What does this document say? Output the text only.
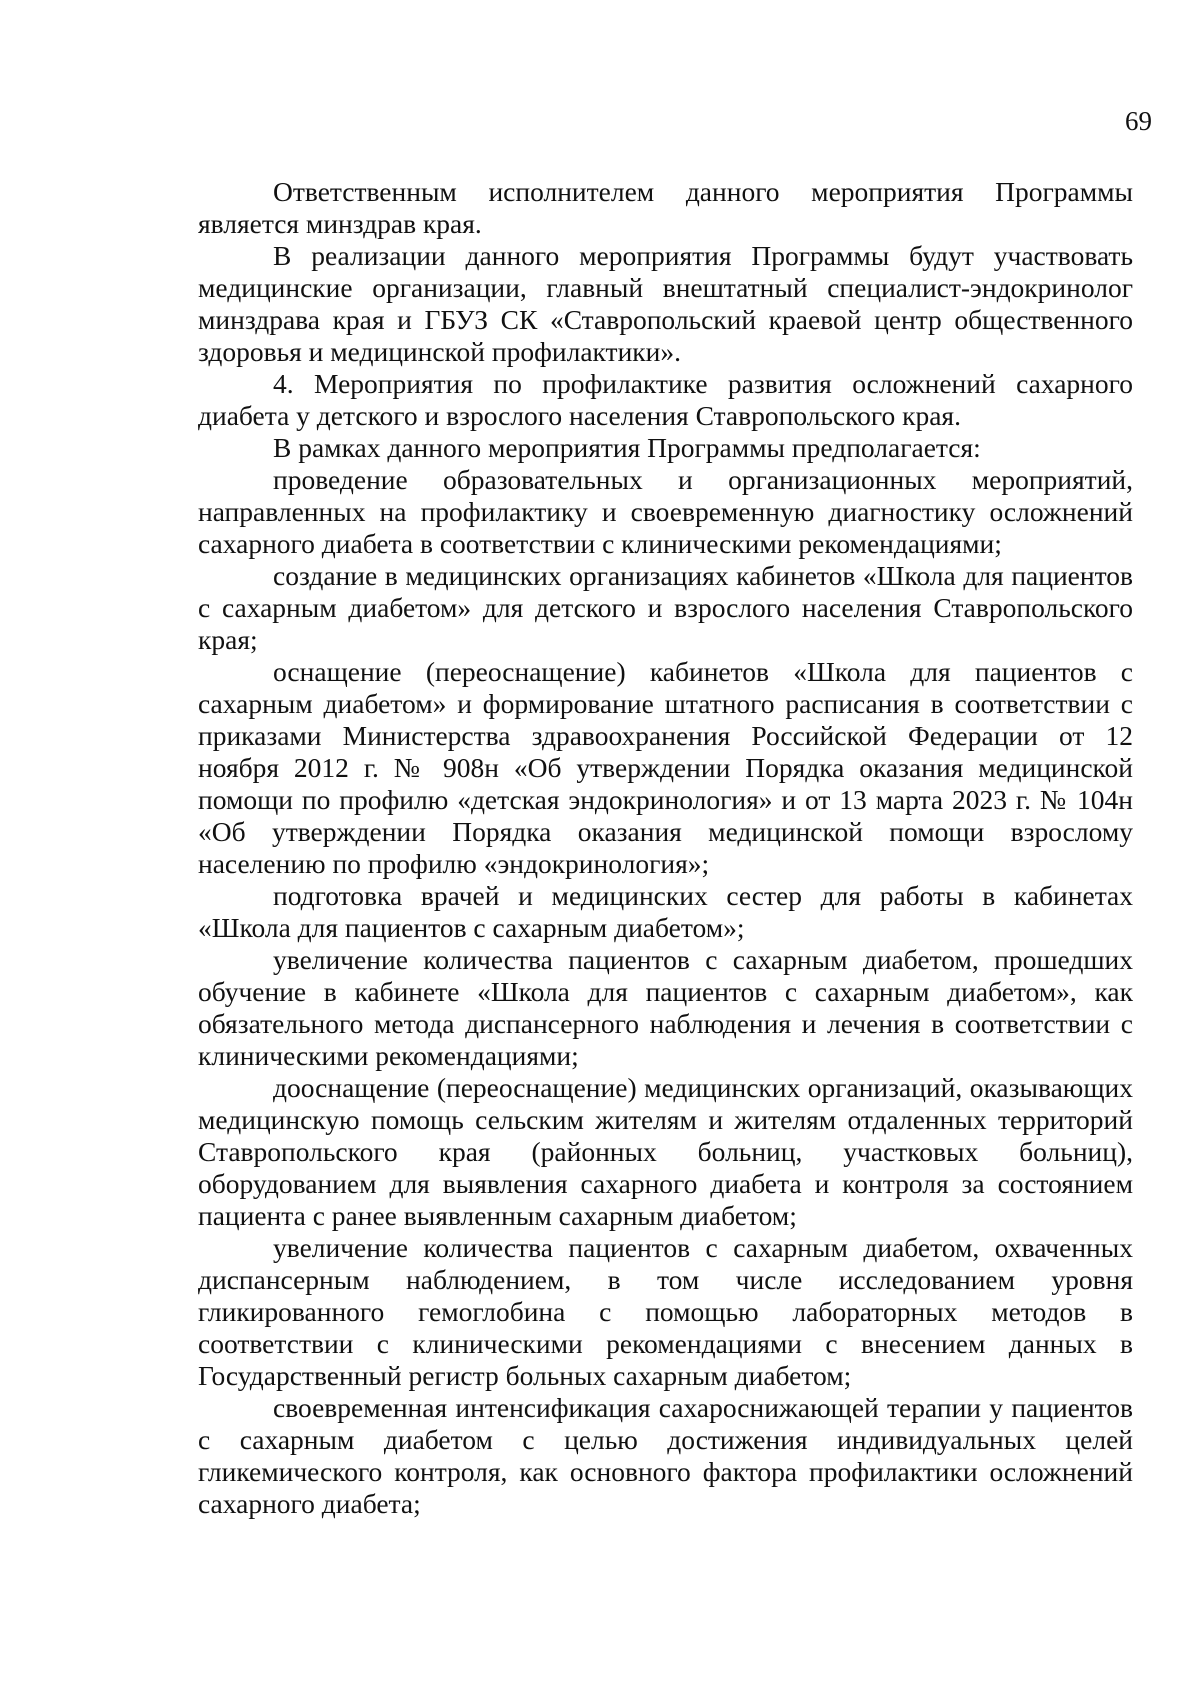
69

Ответственным исполнителем данного мероприятия Программы является минздрав края.

В реализации данного мероприятия Программы будут участвовать медицинские организации, главный внештатный специалист-эндокринолог минздрава края и ГБУЗ СК «Ставропольский краевой центр общественного здоровья и медицинской профилактики».

4. Мероприятия по профилактике развития осложнений сахарного диабета у детского и взрослого населения Ставропольского края.

В рамках данного мероприятия Программы предполагается:

проведение образовательных и организационных мероприятий, направленных на профилактику и своевременную диагностику осложнений сахарного диабета в соответствии с клиническими рекомендациями;

создание в медицинских организациях кабинетов «Школа для пациентов с сахарным диабетом» для детского и взрослого населения Ставропольского края;

оснащение (переоснащение) кабинетов «Школа для пациентов с сахарным диабетом» и формирование штатного расписания в соответствии с приказами Министерства здравоохранения Российской Федерации от 12 ноября 2012 г. № 908н «Об утверждении Порядка оказания медицинской помощи по профилю «детская эндокринология» и от 13 марта 2023 г. № 104н «Об утверждении Порядка оказания медицинской помощи взрослому населению по профилю «эндокринология»;

подготовка врачей и медицинских сестер для работы в кабинетах «Школа для пациентов с сахарным диабетом»;

увеличение количества пациентов с сахарным диабетом, прошедших обучение в кабинете «Школа для пациентов с сахарным диабетом», как обязательного метода диспансерного наблюдения и лечения в соответствии с клиническими рекомендациями;

дооснащение (переоснащение) медицинских организаций, оказывающих медицинскую помощь сельским жителям и жителям отдаленных территорий Ставропольского края (районных больниц, участковых больниц), оборудованием для выявления сахарного диабета и контроля за состоянием пациента с ранее выявленным сахарным диабетом;

увеличение количества пациентов с сахарным диабетом, охваченных диспансерным наблюдением, в том числе исследованием уровня гликированного гемоглобина с помощью лабораторных методов в соответствии с клиническими рекомендациями с внесением данных в Государственный регистр больных сахарным диабетом;

своевременная интенсификация сахароснижающей терапии у пациентов с сахарным диабетом с целью достижения индивидуальных целей гликемического контроля, как основного фактора профилактики осложнений сахарного диабета;
